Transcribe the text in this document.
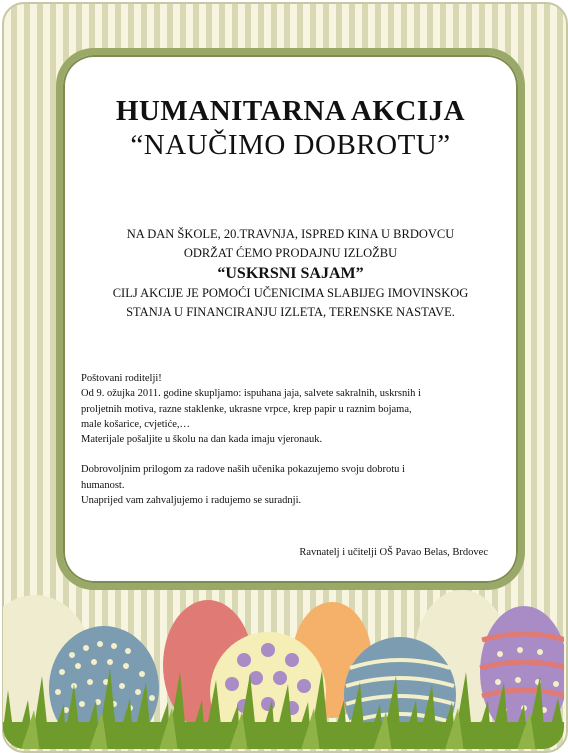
HUMANITARNA AKCIJA
“NAUČIMO DOBROTU”
NA DAN ŠKOLE, 20.TRAVNJA, ISPRED KINA U BRDOVCU
ODRŽAT ĆEMO PRODAJNU IZLOŽBU
“USKRSNI SAJAM”
CILJ AKCIJE JE POMOĆI UČENICIMA SLABIJEG IMOVINSKOG
STANJA U FINANCIRANJU IZLETA, TERENSKE NASTAVE.

Poštovani roditelji!

Od 9. ožujka 2011. godine skupljamo: ispuhana jaja, salvete sakralnih, uskrsnih i

proljetnih motiva, razne staklenke, ukrasne vrpce, krep papir u raznim bojama,

male košarice, cvjetiće,…

Materijale pošaljite u školu na dan kada imaju vjeronauk.

Dobrovoljnim prilogom za radove naših učenika pokazujemo svoju dobrotu i

humanost.

Unaprijed vam zahvaljujemo i radujemo se suradnji.

Ravnatelj i učitelji OŠ Pavao Belas, Brdovec
